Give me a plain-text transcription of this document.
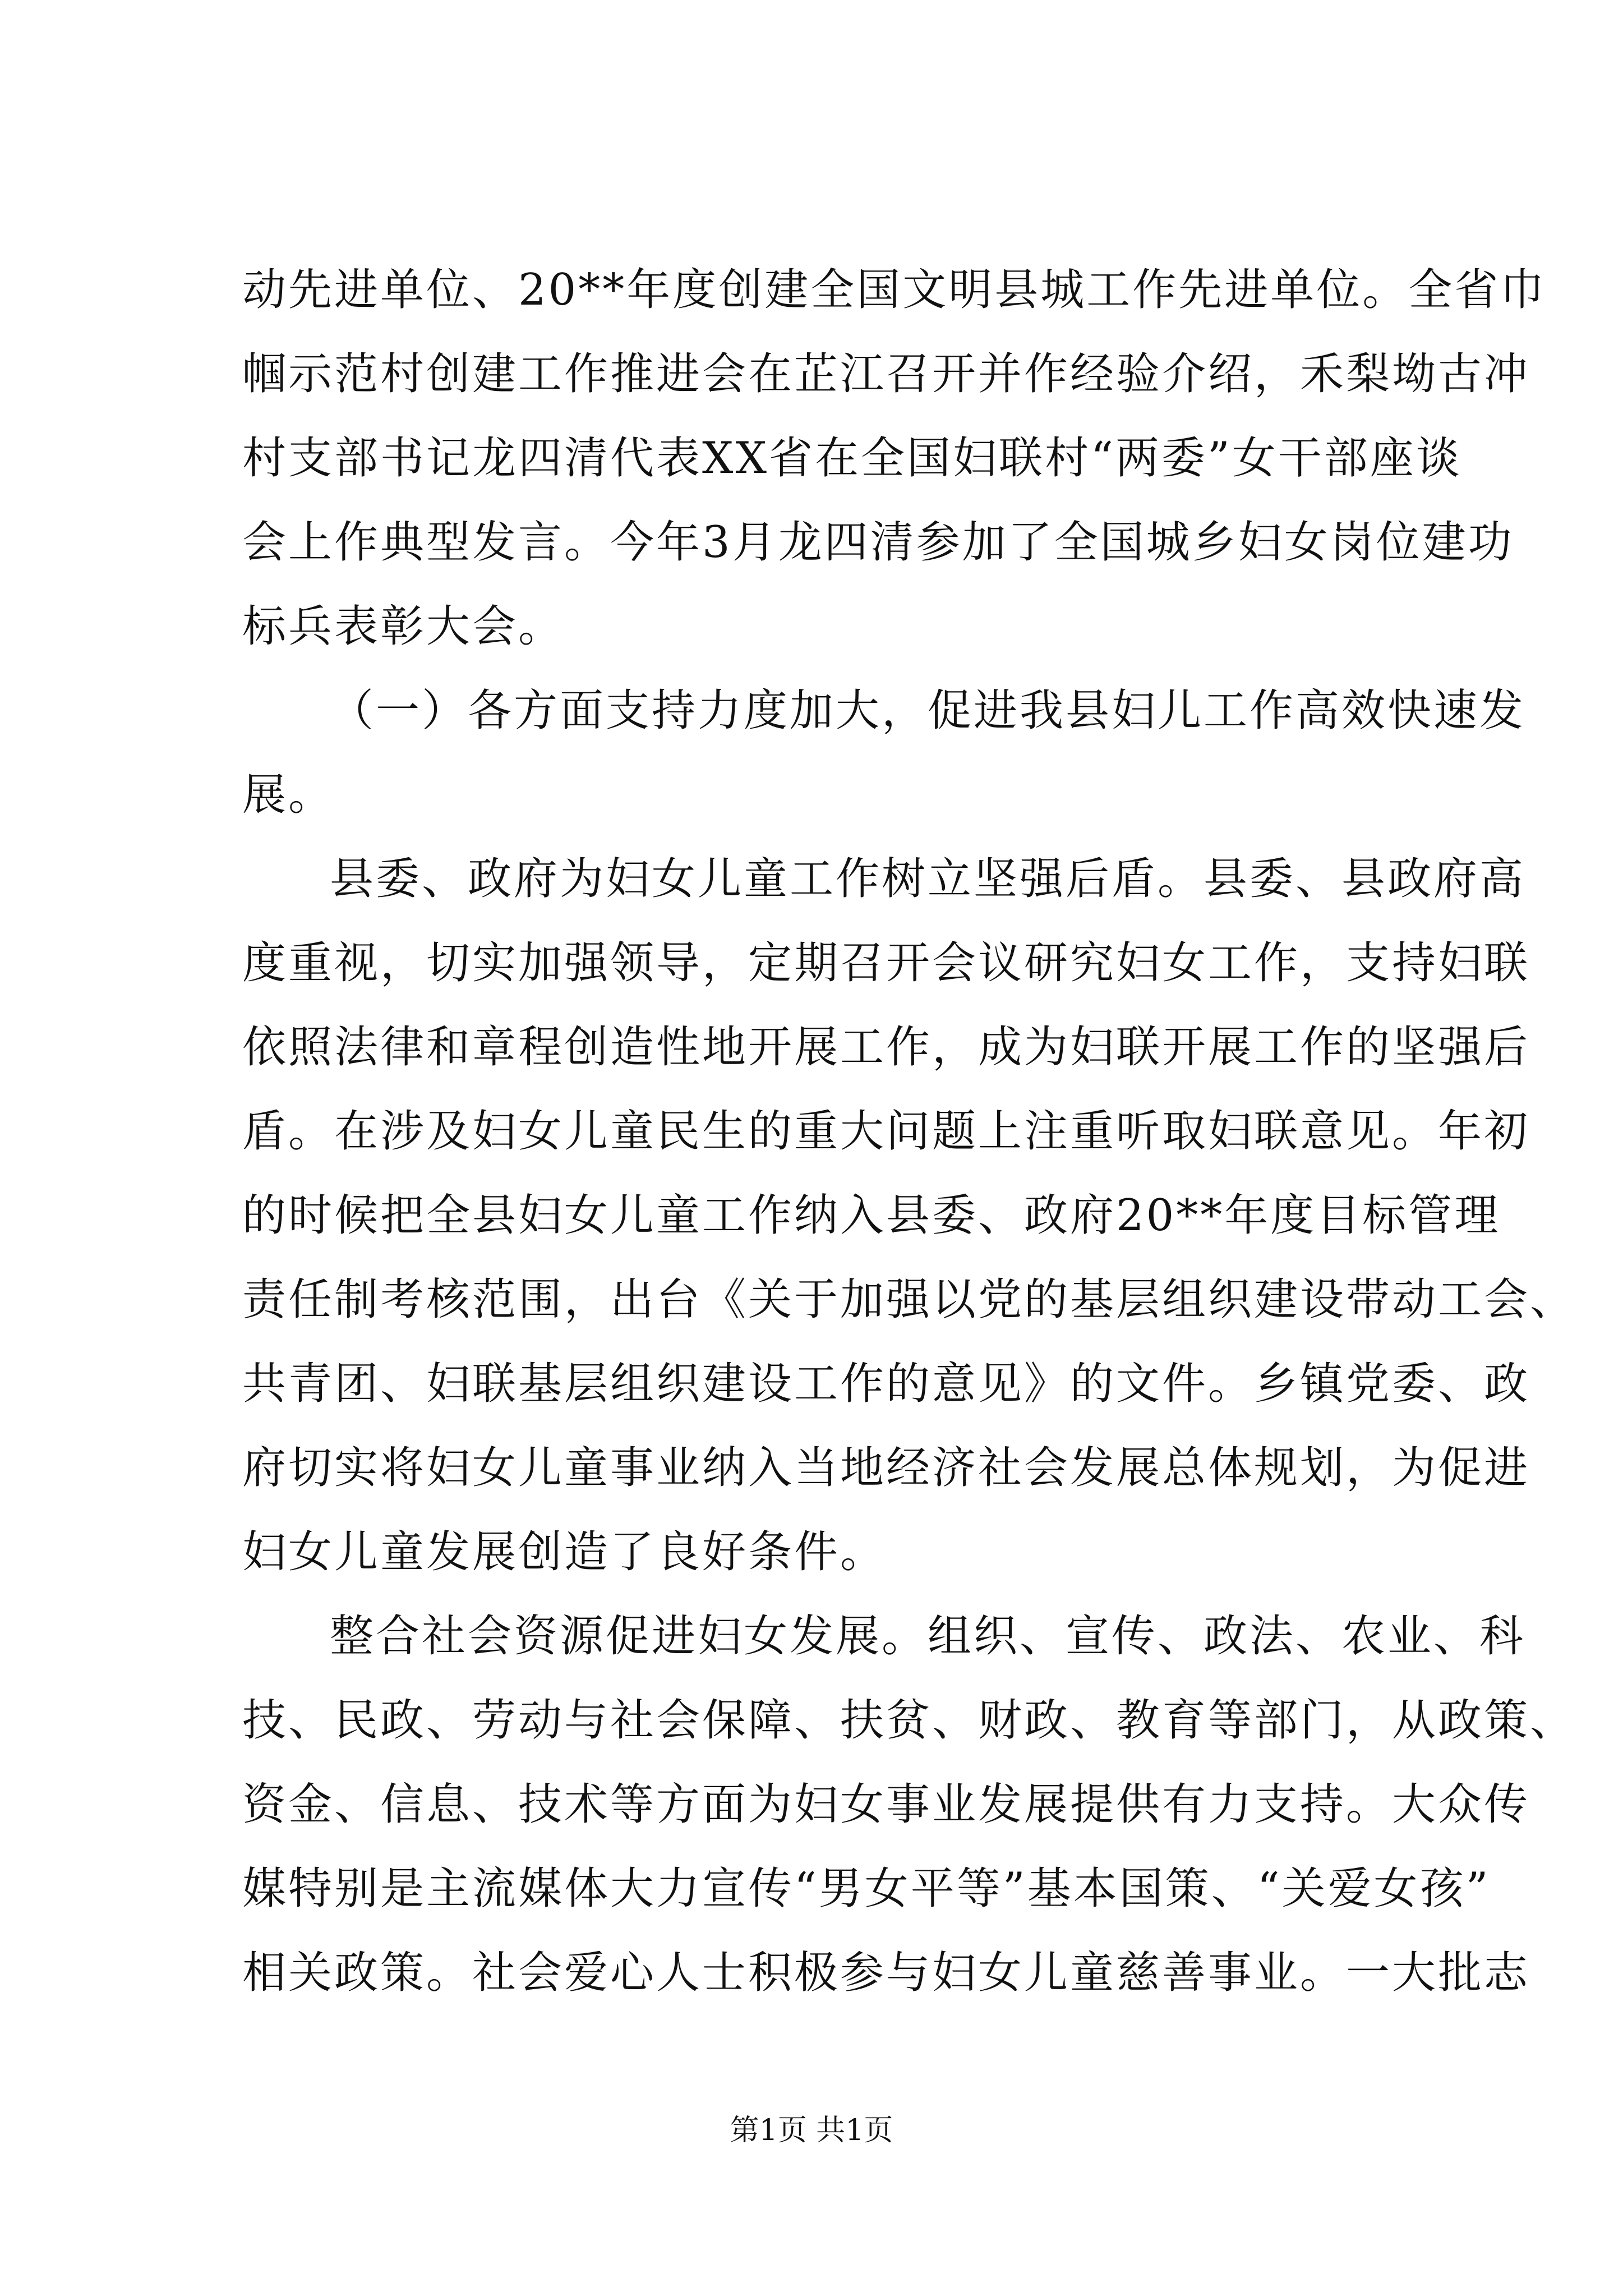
动先进单位、20**年度创建全国文明县城工作先进单位。全省巾
帼示范村创建工作推进会在芷江召开并作经验介绍，禾梨坳古冲
村支部书记龙四清代表XX省在全国妇联村“两委”女干部座谈
会上作典型发言。今年3月龙四清参加了全国城乡妇女岗位建功
标兵表彰大会。
（一）各方面支持力度加大，促进我县妇儿工作高效快速发
展。
县委、政府为妇女儿童工作树立坚强后盾。县委、县政府高
度重视，切实加强领导，定期召开会议研究妇女工作，支持妇联
依照法律和章程创造性地开展工作，成为妇联开展工作的坚强后
盾。在涉及妇女儿童民生的重大问题上注重听取妇联意见。年初
的时候把全县妇女儿童工作纳入县委、政府20**年度目标管理
责任制考核范围，出台《关于加强以党的基层组织建设带动工会、
共青团、妇联基层组织建设工作的意见》的文件。乡镇党委、政
府切实将妇女儿童事业纳入当地经济社会发展总体规划，为促进
妇女儿童发展创造了良好条件。
整合社会资源促进妇女发展。组织、宣传、政法、农业、科
技、民政、劳动与社会保障、扶贫、财政、教育等部门，从政策、
资金、信息、技术等方面为妇女事业发展提供有力支持。大众传
媒特别是主流媒体大力宣传“男女平等”基本国策、“关爱女孩”
相关政策。社会爱心人士积极参与妇女儿童慈善事业。一大批志
第1页 共1页
